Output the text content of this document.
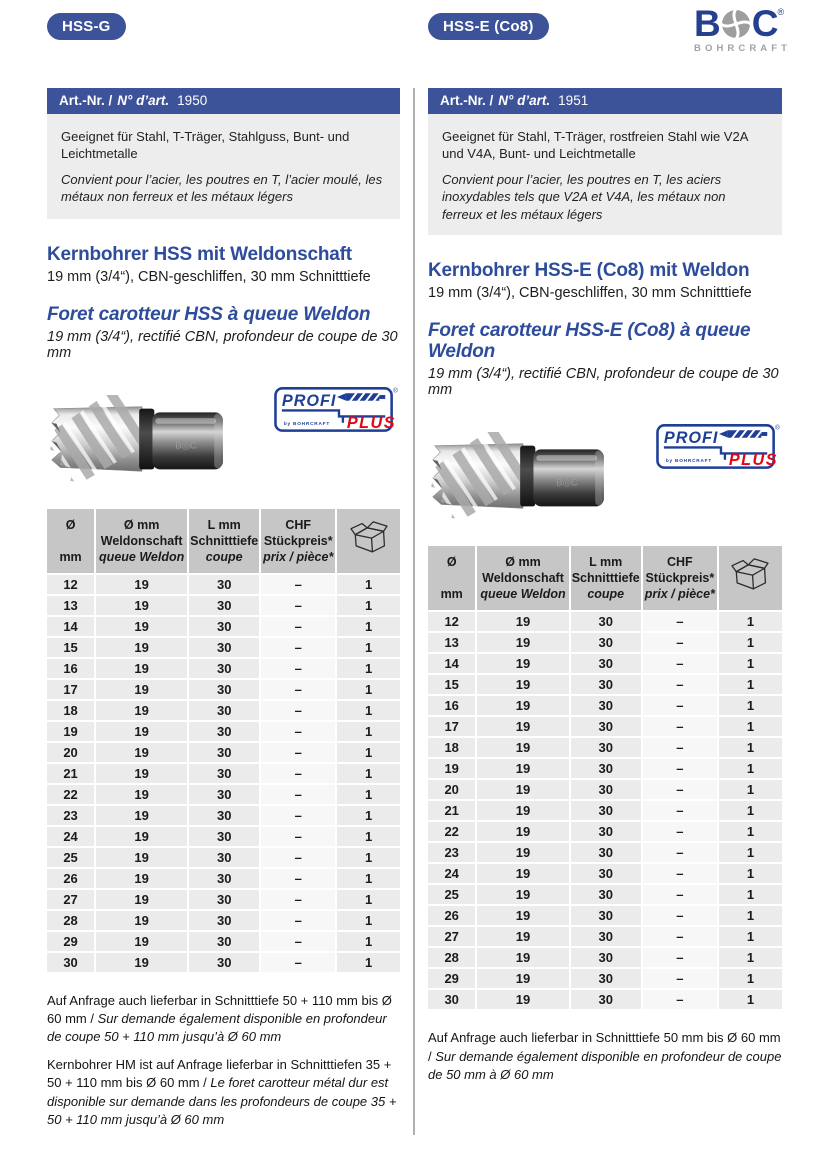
HSS-G	HSS-E (Co8)	B C ®
BOHRCRAFT
Art.-Nr. / N° d’art. 1950

Geeignet für Stahl, T-Träger, Stahlguss, Bunt- und Leichtmetalle

Convient pour l’acier, les poutres en T, l’acier moulé, les métaux non ferreux et les métaux légers

Kernbohrer HSS mit Weldonschaft
19 mm (3/4“), CBN-geschliffen, 30 mm Schnitttiefe
Foret carotteur HSS à queue Weldon
19 mm (3/4“), rectifié CBN, profondeur de coupe de 30 mm
PROFI
by BOHRCRAFT PLUS
®
Ø
mm	Ø mm
Weldonschaft
queue Weldon	L mm
Schnitttiefe
coupe	CHF
Stückpreis*
prix / pièce*

12	19	30	–	1
13	19	30	–	1
14	19	30	–	1
15	19	30	–	1
16	19	30	–	1
17	19	30	–	1
18	19	30	–	1
19	19	30	–	1
20	19	30	–	1
21	19	30	–	1
22	19	30	–	1
23	19	30	–	1
24	19	30	–	1
25	19	30	–	1
26	19	30	–	1
27	19	30	–	1
28	19	30	–	1
29	19	30	–	1
30	19	30	–	1

Auf Anfrage auch lieferbar in Schnitttiefe 50 + 110 mm bis Ø 60 mm / Sur demande également disponible en profondeur de coupe 50 + 110 mm jusqu’à Ø 60 mm

Kernbohrer HM ist auf Anfrage lieferbar in Schnitttiefen 35 + 50 + 110 mm bis Ø 60 mm / Le foret carotteur métal dur est disponible sur demande dans les profondeurs de coupe 35 + 50 + 110 mm jusqu’à Ø 60 mm

Art.-Nr. / N° d’art. 1951

Geeignet für Stahl, T-Träger, rostfreien Stahl wie V2A und V4A, Bunt- und Leichtmetalle

Convient pour l’acier, les poutres en T, les aciers inoxydables tels que V2A et V4A, les métaux non ferreux et les métaux légers

Kernbohrer HSS-E (Co8) mit Weldon
19 mm (3/4“), CBN-geschliffen, 30 mm Schnitttiefe
Foret carotteur HSS-E (Co8) à queue Weldon
19 mm (3/4“), rectifié CBN, profondeur de coupe de 30 mm
PROFI
by BOHRCRAFT PLUS
®
Ø
mm	Ø mm
Weldonschaft
queue Weldon	L mm
Schnitttiefe
coupe	CHF
Stückpreis*
prix / pièce*

12	19	30	–	1
13	19	30	–	1
14	19	30	–	1
15	19	30	–	1
16	19	30	–	1
17	19	30	–	1
18	19	30	–	1
19	19	30	–	1
20	19	30	–	1
21	19	30	–	1
22	19	30	–	1
23	19	30	–	1
24	19	30	–	1
25	19	30	–	1
26	19	30	–	1
27	19	30	–	1
28	19	30	–	1
29	19	30	–	1
30	19	30	–	1

Auf Anfrage auch lieferbar in Schnitttiefe 50 mm bis Ø 60 mm / Sur demande également disponible en profondeur de coupe de 50 mm à Ø 60 mm
